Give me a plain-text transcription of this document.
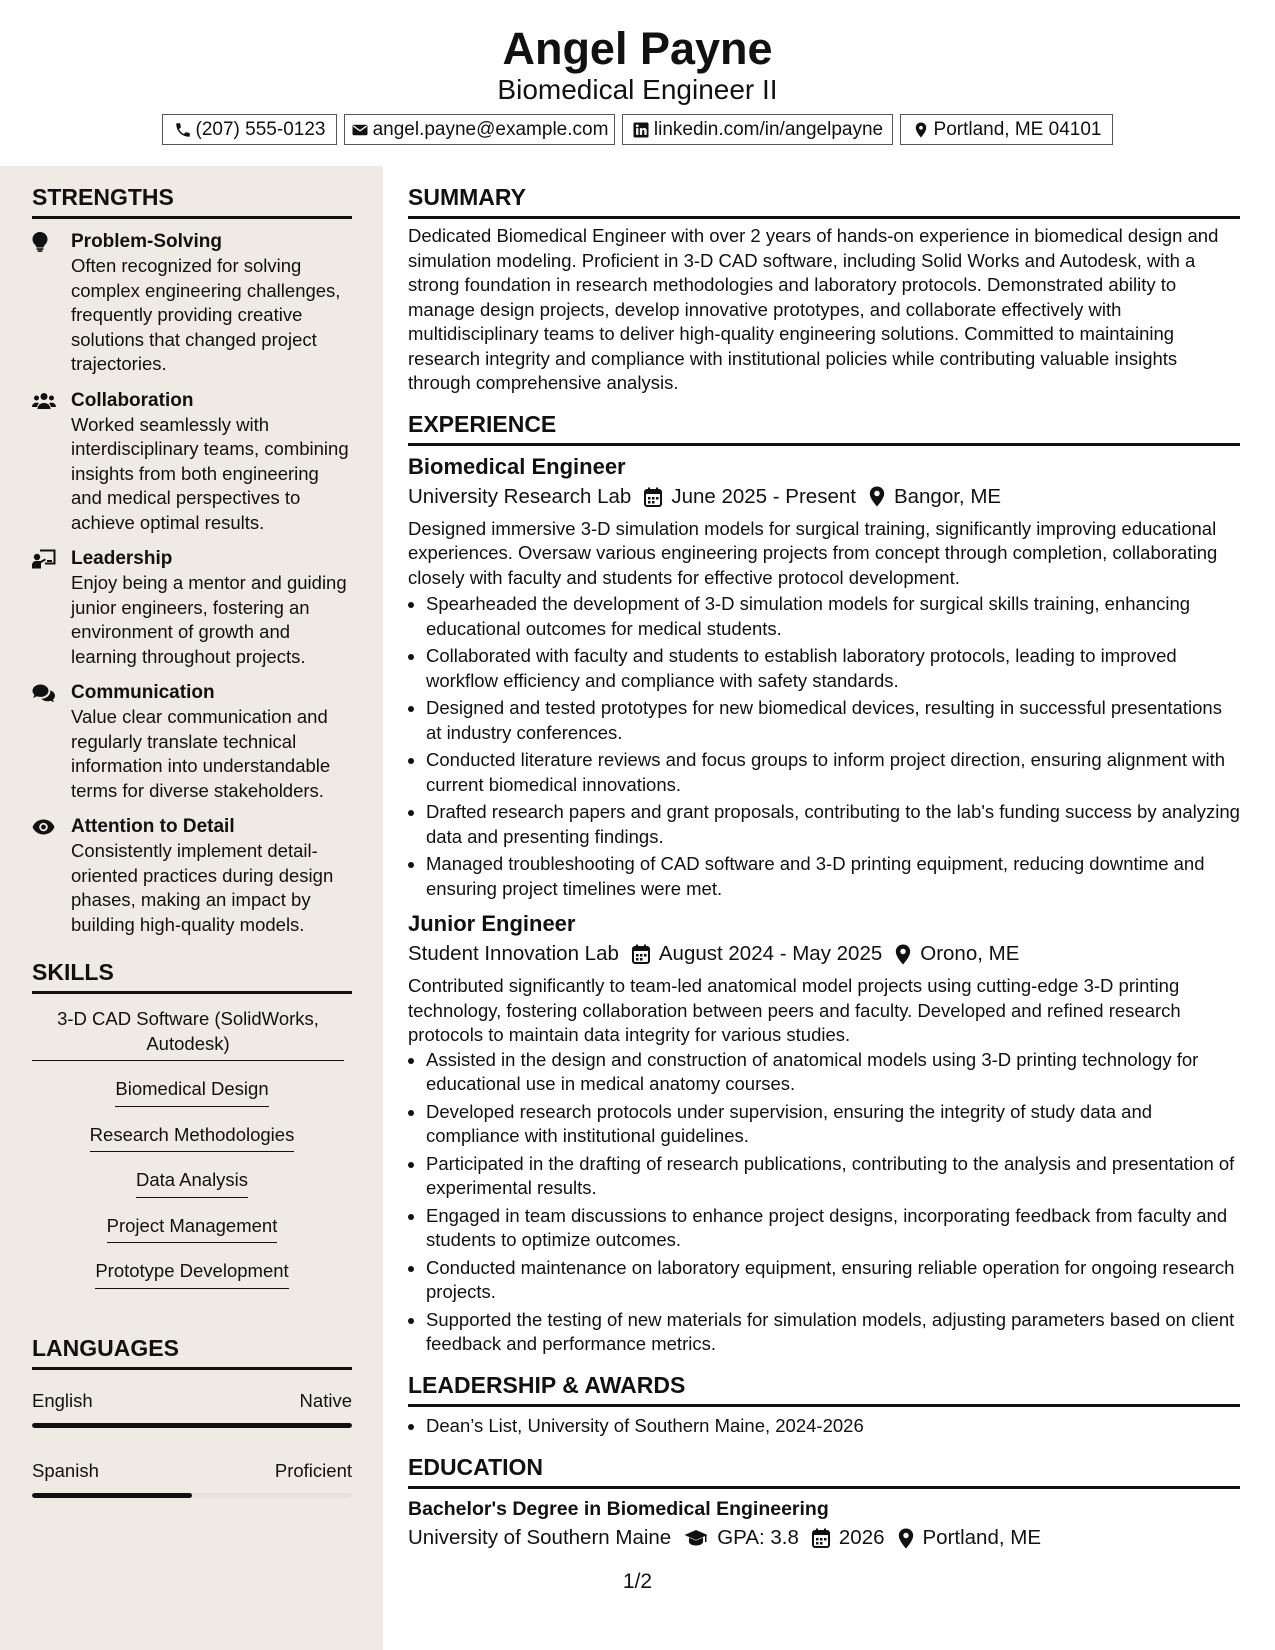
Angel Payne
Biomedical Engineer II
(207) 555-0123 angel.payne@example.com linkedin.com/in/angelpayne	Portland, ME 04101
STRENGTHS
Problem-Solving
Often recognized for solving complex engineering challenges, frequently providing creative solutions that changed project trajectories.
Collaboration
Worked seamlessly with interdisciplinary teams, combining insights from both engineering and medical perspectives to achieve optimal results.
Leadership
Enjoy being a mentor and guiding junior engineers, fostering an environment of growth and learning throughout projects.
Communication
Value clear communication and regularly translate technical information into understandable terms for diverse stakeholders.
Attention to Detail
Consistently implement detail-oriented practices during design phases, making an impact by building high-quality models.
SKILLS
3-D CAD Software (SolidWorks, Autodesk)
Biomedical Design
Research Methodologies
Data Analysis
Project Management
Prototype Development
LANGUAGES
English	Native
Spanish	Proficient
SUMMARY
Dedicated Biomedical Engineer with over 2 years of hands-on experience in biomedical design and simulation modeling. Proficient in 3-D CAD software, including Solid Works and Autodesk, with a strong foundation in research methodologies and laboratory protocols. Demonstrated ability to manage design projects, develop innovative prototypes, and collaborate effectively with multidisciplinary teams to deliver high-quality engineering solutions. Committed to maintaining research integrity and compliance with institutional policies while contributing valuable insights through comprehensive analysis.
EXPERIENCE
Biomedical Engineer
University Research Lab June 2025 - Present Bangor, ME
Designed immersive 3-D simulation models for surgical training, significantly improving educational experiences. Oversaw various engineering projects from concept through completion, collaborating closely with faculty and students for effective protocol development.
• Spearheaded the development of 3-D simulation models for surgical skills training, enhancing educational outcomes for medical students.
• Collaborated with faculty and students to establish laboratory protocols, leading to improved workflow efficiency and compliance with safety standards.
• Designed and tested prototypes for new biomedical devices, resulting in successful presentations at industry conferences.
• Conducted literature reviews and focus groups to inform project direction, ensuring alignment with current biomedical innovations.
• Drafted research papers and grant proposals, contributing to the lab's funding success by analyzing data and presenting findings.
• Managed troubleshooting of CAD software and 3-D printing equipment, reducing downtime and ensuring project timelines were met.
Junior Engineer
Student Innovation Lab August 2024 - May 2025 Orono, ME
Contributed significantly to team-led anatomical model projects using cutting-edge 3-D printing technology, fostering collaboration between peers and faculty. Developed and refined research protocols to maintain data integrity for various studies.
• Assisted in the design and construction of anatomical models using 3-D printing technology for educational use in medical anatomy courses.
• Developed research protocols under supervision, ensuring the integrity of study data and compliance with institutional guidelines.
• Participated in the drafting of research publications, contributing to the analysis and presentation of experimental results.
• Engaged in team discussions to enhance project designs, incorporating feedback from faculty and students to optimize outcomes.
• Conducted maintenance on laboratory equipment, ensuring reliable operation for ongoing research projects.
• Supported the testing of new materials for simulation models, adjusting parameters based on client feedback and performance metrics.
LEADERSHIP & AWARDS
• Dean’s List, University of Southern Maine, 2024-2026
EDUCATION
Bachelor's Degree in Biomedical Engineering
University of Southern Maine GPA: 3.8 2026 Portland, ME
1/2
